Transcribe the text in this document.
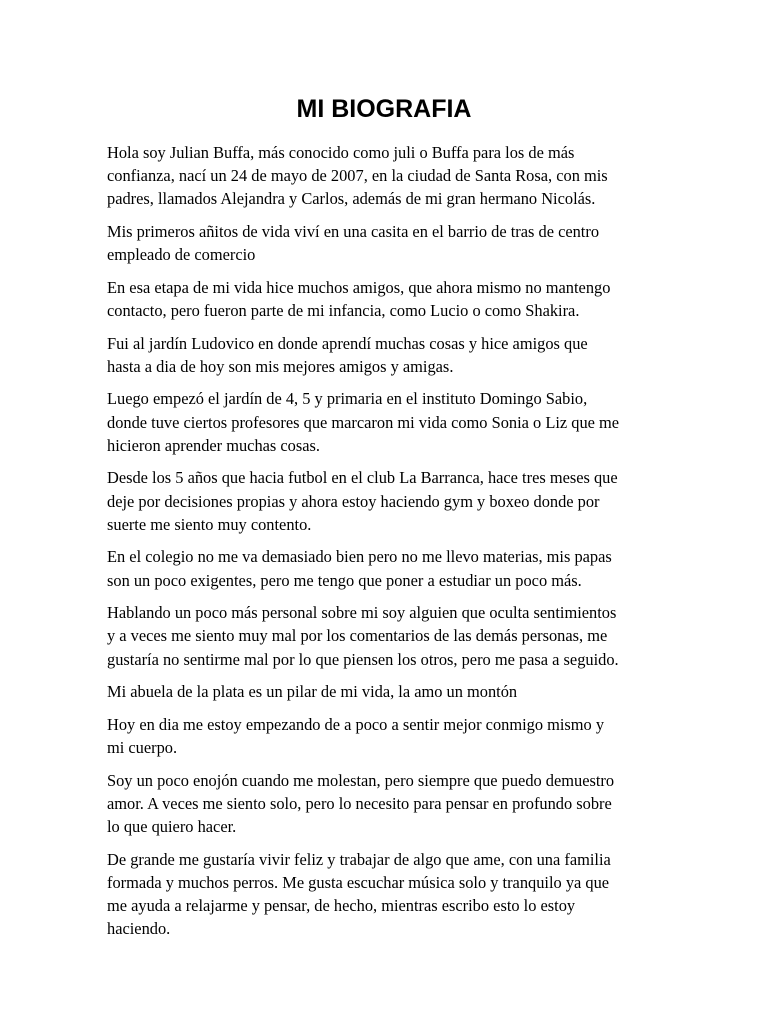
MI BIOGRAFIA

Hola soy Julian Buffa, más conocido como juli o Buffa para los de más
confianza, nací un 24 de mayo de 2007, en la ciudad de Santa Rosa, con mis
padres, llamados Alejandra y Carlos, además de mi gran hermano Nicolás.

Mis primeros añitos de vida viví en una casita en el barrio de tras de centro
empleado de comercio

En esa etapa de mi vida hice muchos amigos, que ahora mismo no mantengo
contacto, pero fueron parte de mi infancia, como Lucio o como Shakira.

Fui al jardín Ludovico en donde aprendí muchas cosas y hice amigos que
hasta a dia de hoy son mis mejores amigos y amigas.

Luego empezó el jardín de 4, 5 y primaria en el instituto Domingo Sabio,
donde tuve ciertos profesores que marcaron mi vida como Sonia o Liz que me
hicieron aprender muchas cosas.

Desde los 5 años que hacia futbol en el club La Barranca, hace tres meses que
deje por decisiones propias y ahora estoy haciendo gym y boxeo donde por
suerte me siento muy contento.

En el colegio no me va demasiado bien pero no me llevo materias, mis papas
son un poco exigentes, pero me tengo que poner a estudiar un poco más.

Hablando un poco más personal sobre mi soy alguien que oculta sentimientos
y a veces me siento muy mal por los comentarios de las demás personas, me
gustaría no sentirme mal por lo que piensen los otros, pero me pasa a seguido.

Mi abuela de la plata es un pilar de mi vida, la amo un montón

Hoy en dia me estoy empezando de a poco a sentir mejor conmigo mismo y
mi cuerpo.

Soy un poco enojón cuando me molestan, pero siempre que puedo demuestro
amor. A veces me siento solo, pero lo necesito para pensar en profundo sobre
lo que quiero hacer.

De grande me gustaría vivir feliz y trabajar de algo que ame, con una familia
formada y muchos perros. Me gusta escuchar música solo y tranquilo ya que
me ayuda a relajarme y pensar, de hecho, mientras escribo esto lo estoy
haciendo.
